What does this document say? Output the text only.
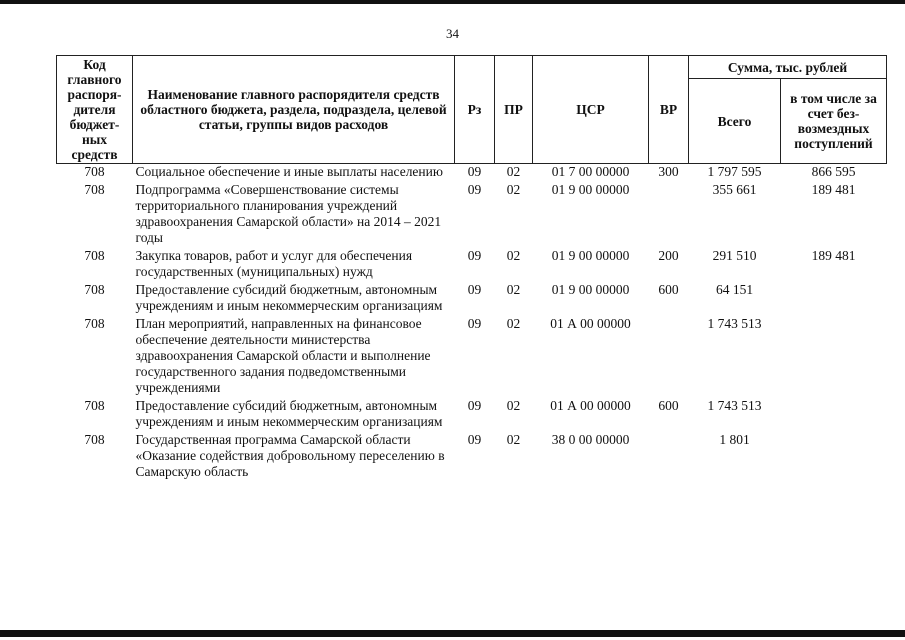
34
Код главного распоря-дителя бюджет-ных средств	Наименование главного распорядителя средств областного бюджета, раздела, подраздела, целевой статьи, группы видов расходов	Рз	ПР	ЦСР	ВР	Сумма, тыс. рублей	
						Всего	в том числе за счет без-возмездных поступлений
708	Социальное обеспечение и иные выплаты населению	09	02	01 7 00 00000	300	1 797 595	866 595
708	Подпрограмма «Совершенствование системы территориального планирования учреждений здравоохранения Самарской области» на 2014 – 2021 годы	09	02	01 9 00 00000		355 661	189 481
708	Закупка товаров, работ и услуг для обеспечения государственных (муниципальных) нужд	09	02	01 9 00 00000	200	291 510	189 481
708	Предоставление субсидий бюджетным, автономным учреждениям и иным некоммерческим организациям	09	02	01 9 00 00000	600	64 151	
708	План мероприятий, направленных на финансовое обеспечение деятельности министерства здравоохранения Самарской области и выполнение государственного задания подведомственными учреждениями	09	02	01 А 00 00000		1 743 513	
708	Предоставление субсидий бюджетным, автономным учреждениям и иным некоммерческим организациям	09	02	01 А 00 00000	600	1 743 513	
708	Государственная программа Самарской области «Оказание содействия добровольному переселению в Самарскую область	09	02	38 0 00 00000		1 801	
